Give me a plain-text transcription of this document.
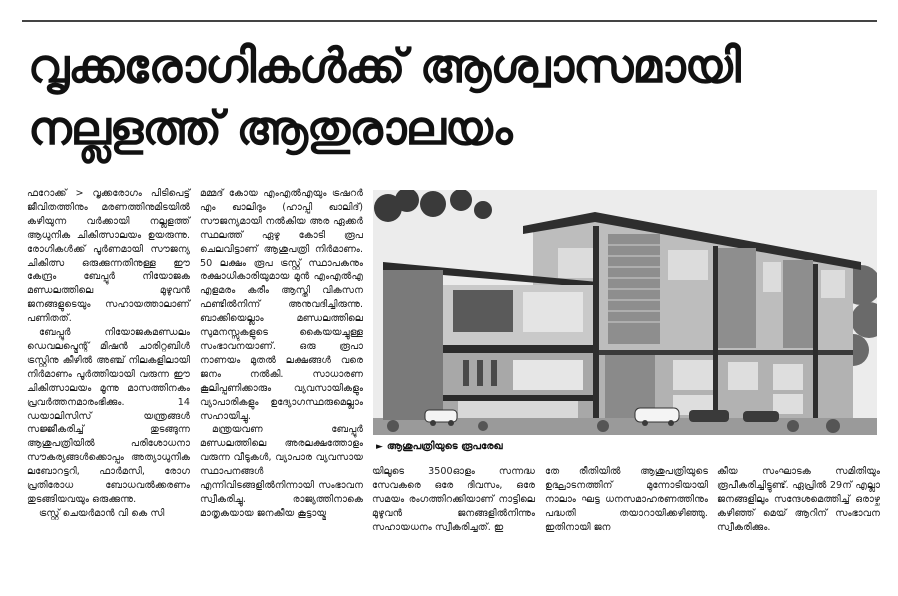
വൃക്കരോഗികൾക്ക് ആശ്വാസമായി
നല്ലളത്ത് ആതുരാലയം

ഫറോക്ക് > വൃക്കരോഗം പിടിപെട്ട് ജീവിതത്തിനും മരണത്തിനുമിടയിൽ കഴിയുന്ന വർക്കായി നല്ലളത്ത് ആധുനിക ചികിത്സാലയം ഉയരുന്നു. രോഗികൾക്ക് പൂർണമായി സൗജന്യ ചികിത്സ ഒരുക്കുന്നതിനുള്ള ഈ കേന്ദ്രം ബേപ്പൂർ നിയോജക മണ്ഡലത്തിലെ മുഴുവൻ ജനങ്ങളുടെയും സഹായത്താലാണ് പണിതത്.

ബേപ്പൂർ നിയോജകമണ്ഡലം ഡെവലപ്മെന്റ് മിഷൻ ചാരിറ്റബിൾ ട്രസ്റ്റിനു കീഴിൽ അഞ്ച് നിലകളിലായി നിർമാണം പൂർത്തിയായി വരുന്ന ഈ ചികിത്സാലയം മൂന്നു മാസത്തിനകം പ്രവർത്തനമാരംഭിക്കും. 14 ഡയാലിസിസ് യന്ത്രങ്ങൾ സജ്ജീകരിച്ച് തുടങ്ങുന്ന ആശുപത്രിയിൽ പരിശോധനാ സൗകര്യങ്ങൾക്കൊപ്പം അത്യാധുനിക ലബോറട്ടറി, ഫാർമസി, രോഗ പ്രതിരോധ ബോധവൽക്കരണം തുടങ്ങിയവയും ഒരുക്കുന്നു.

ട്രസ്റ്റ് ചെയർമാൻ വി കെ സി

മമ്മദ് കോയ എംഎൽഎയും ട്രഷറർ എം ഖാലിദും (ഹാപ്പി ഖാലിദ്) സൗജന്യമായി നൽകിയ അര ഏക്കർ സ്ഥലത്ത് ഏഴു കോടി രൂപ ചെലവിട്ടാണ് ആശുപത്രി നിർമാണം. 50 ലക്ഷം രൂപ ട്രസ്റ്റ് സ്ഥാപകനും രക്ഷാധികാരിയുമായ മുൻ എംഎൽഎ എളമരം കരീം ആസ്തി വികസന ഫണ്ടിൽനിന്ന് അനുവദിച്ചിരുന്നു. ബാക്കിയെല്ലാം മണ്ഡലത്തിലെ സുമനസ്സുകളുടെ കൈയയച്ചുള്ള സംഭാവനയാണ്. ഒരു രൂപാ നാണയം മുതൽ ലക്ഷങ്ങൾ വരെ ജനം നൽകി. സാധാരണ കൂലിപ്പണിക്കാരും വ്യവസായികളും വ്യാപാരികളും ഉദ്യോഗസ്ഥരുമെല്ലാം സഹായിച്ചു.

മന്ത്രയവണ ബേപ്പൂർ മണ്ഡലത്തിലെ അരലക്ഷത്തോളം വരുന്ന വീടുകൾ, വ്യാപാര വ്യവസായ സ്ഥാപനങ്ങൾ എന്നിവിടങ്ങളിൽനിന്നായി സംഭാവന സ്വീകരിച്ചു. രാജ്യത്തിനാകെ മാതൃകയായ ജനകീയ കൂട്ടായ്മ

► ആശുപത്രിയുടെ രൂപരേഖ

യിലൂടെ 3500ഓളം സന്നദ്ധ സേവകരെ ഒരേ ദിവസം, ഒരേ സമയം രംഗത്തിറക്കിയാണ് നാട്ടിലെ മുഴുവൻ ജനങ്ങളിൽനിന്നും സഹായധനം സ്വീകരിച്ചത്. ഇ

തേ രീതിയിൽ ആശുപത്രിയുടെ ഉദ്ഘാടനത്തിന് മുന്നോടിയായി നാലാം ഘട്ട ധനസമാഹരണത്തിനും പദ്ധതി തയാറായിക്കഴിഞ്ഞു. ഇതിനായി ജന

കീയ സംഘാടക സമിതിയും രൂപീകരിച്ചിട്ടുണ്ട്. ഏപ്രിൽ 29ന് എല്ലാ ജനങ്ങളിലും സന്ദേശമെത്തിച്ച് ഒരാഴ്ച കഴിഞ്ഞ് മെയ് ആറിന് സംഭാവന സ്വീകരിക്കും.
